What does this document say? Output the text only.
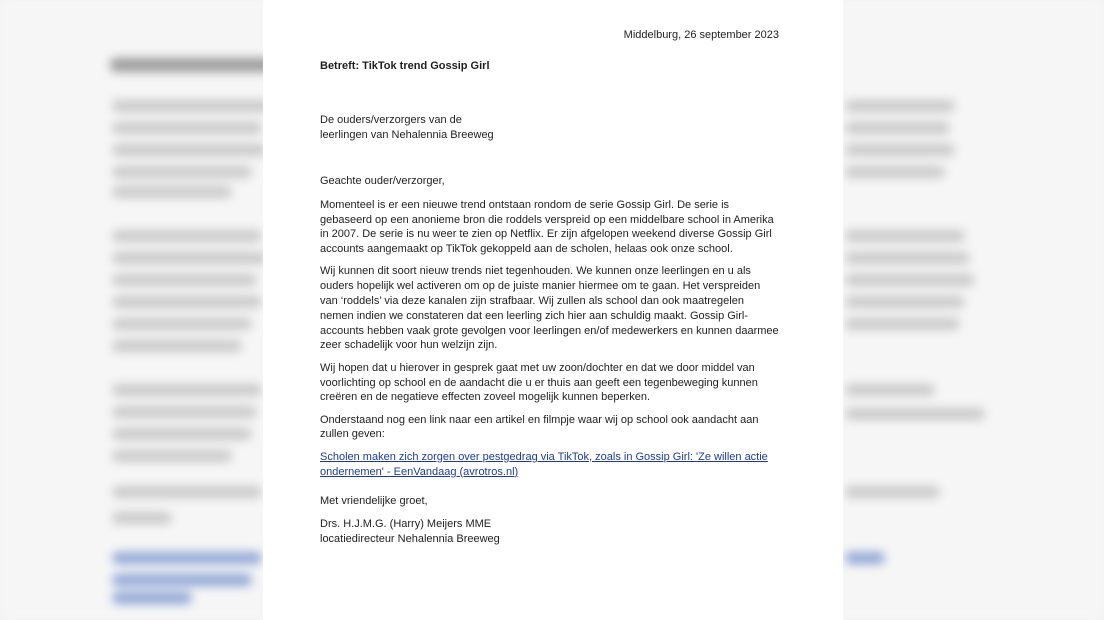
Middelburg, 26 september 2023

Betreft: TikTok trend Gossip Girl

De ouders/verzorgers van de
leerlingen van Nehalennia Breeweg

Geachte ouder/verzorger,

Momenteel is er een nieuwe trend ontstaan rondom de serie Gossip Girl. De serie is gebaseerd op een anonieme bron die roddels verspreid op een middelbare school in Amerika in 2007. De serie is nu weer te zien op Netflix. Er zijn afgelopen weekend diverse Gossip Girl accounts aangemaakt op TikTok gekoppeld aan de scholen, helaas ook onze school.

Wij kunnen dit soort nieuw trends niet tegenhouden. We kunnen onze leerlingen en u als ouders hopelijk wel activeren om op de juiste manier hiermee om te gaan. Het verspreiden van ‘roddels’ via deze kanalen zijn strafbaar. Wij zullen als school dan ook maatregelen nemen indien we constateren dat een leerling zich hier aan schuldig maakt. Gossip Girl-accounts hebben vaak grote gevolgen voor leerlingen en/of medewerkers en kunnen daarmee zeer schadelijk voor hun welzijn zijn.

Wij hopen dat u hierover in gesprek gaat met uw zoon/dochter en dat we door middel van voorlichting op school en de aandacht die u er thuis aan geeft een tegenbeweging kunnen creëren en de negatieve effecten zoveel mogelijk kunnen beperken.

Onderstaand nog een link naar een artikel en filmpje waar wij op school ook aandacht aan zullen geven:

Scholen maken zich zorgen over pestgedrag via TikTok, zoals in Gossip Girl: 'Ze willen actie ondernemen' - EenVandaag (avrotros.nl)

Met vriendelijke groet,

Drs. H.J.M.G. (Harry) Meijers MME
locatiedirecteur Nehalennia Breeweg
